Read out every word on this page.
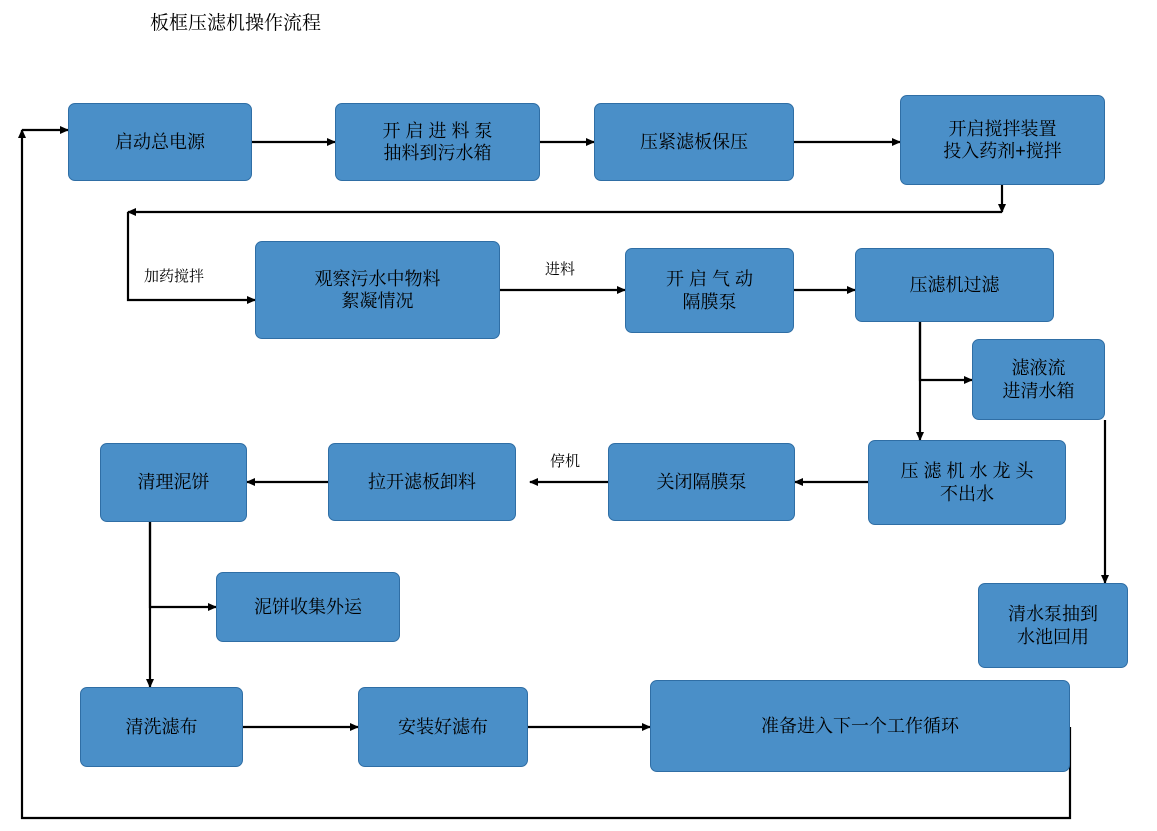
板框压滤机操作流程
启动总电源
开 启 进 料 泵
抽料到污水箱
压紧滤板保压
开启搅拌装置
投入药剂+搅拌
观察污水中物料
絮凝情况
开 启 气 动
隔膜泵
压滤机过滤
滤液流
进清水箱
压 滤 机 水 龙 头
不出水
关闭隔膜泵
拉开滤板卸料
清理泥饼
泥饼收集外运	清水泵抽到
水池回用
清洗滤布	安装好滤布	准备进入下一个工作循环
加药搅拌	进料
停机
